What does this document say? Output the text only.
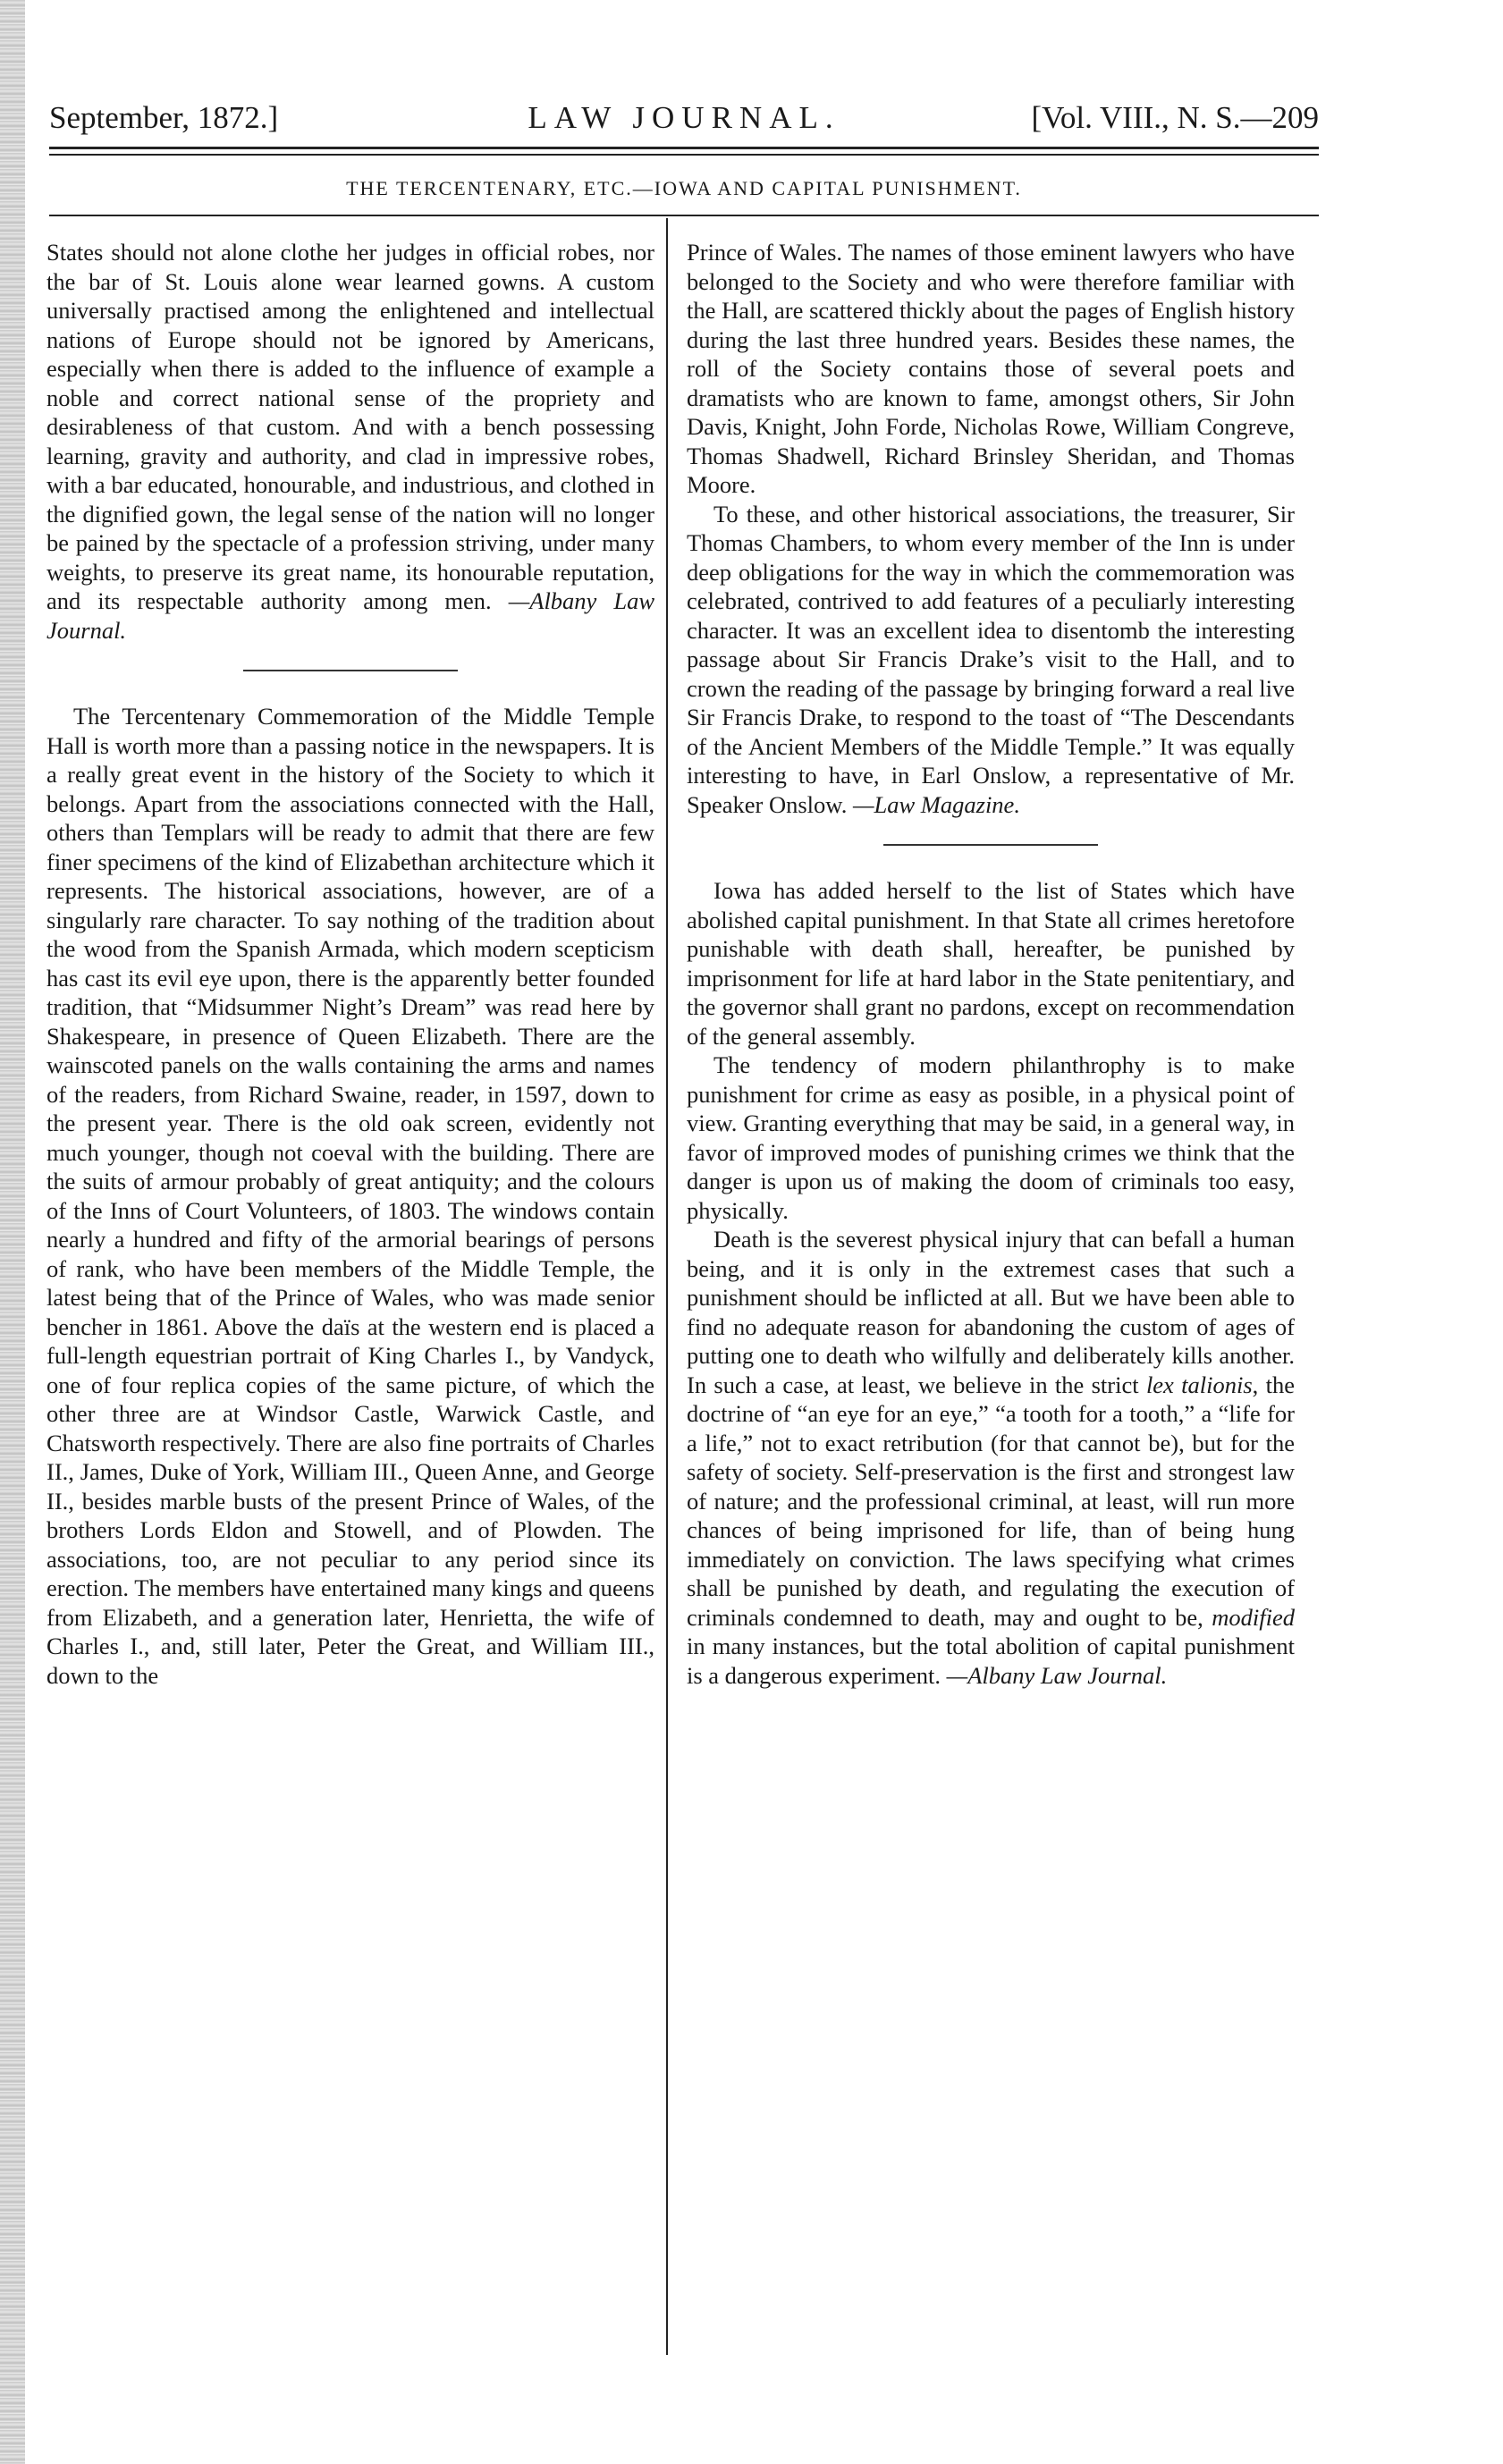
September, 1872.]	LAW JOURNAL.	[Vol. VIII., N. S.—209
THE TERCENTENARY, ETC.—IOWA AND CAPITAL PUNISHMENT.

States should not alone clothe her judges in official robes, nor the bar of St. Louis alone wear learned gowns. A custom universally practised among the enlightened and intellectual nations of Europe should not be ignored by Americans, especially when there is added to the influence of example a noble and correct national sense of the propriety and desirableness of that custom. And with a bench possessing learning, gravity and authority, and clad in impressive robes, with a bar educated, honourable, and industrious, and clothed in the dignified gown, the legal sense of the nation will no longer be pained by the spectacle of a profession striving, under many weights, to preserve its great name, its honourable reputation, and its respectable authority among men. —Albany Law Journal.

The Tercentenary Commemoration of the Middle Temple Hall is worth more than a passing notice in the newspapers. It is a really great event in the history of the Society to which it belongs. Apart from the associations connected with the Hall, others than Templars will be ready to admit that there are few finer specimens of the kind of Elizabethan architecture which it represents. The historical associations, however, are of a singularly rare character. To say nothing of the tradition about the wood from the Spanish Armada, which modern scepticism has cast its evil eye upon, there is the apparently better founded tradition, that “Midsummer Night’s Dream” was read here by Shakespeare, in presence of Queen Elizabeth. There are the wainscoted panels on the walls containing the arms and names of the readers, from Richard Swaine, reader, in 1597, down to the present year. There is the old oak screen, evidently not much younger, though not coeval with the building. There are the suits of armour probably of great antiquity; and the colours of the Inns of Court Volunteers, of 1803. The windows contain nearly a hundred and fifty of the armorial bearings of persons of rank, who have been members of the Middle Temple, the latest being that of the Prince of Wales, who was made senior bencher in 1861. Above the daïs at the western end is placed a full-length equestrian portrait of King Charles I., by Vandyck, one of four replica copies of the same picture, of which the other three are at Windsor Castle, Warwick Castle, and Chatsworth respectively. There are also fine portraits of Charles II., James, Duke of York, William III., Queen Anne, and George II., besides marble busts of the present Prince of Wales, of the brothers Lords Eldon and Stowell, and of Plowden. The associations, too, are not peculiar to any period since its erection. The members have entertained many kings and queens from Elizabeth, and a generation later, Henrietta, the wife of Charles I., and, still later, Peter the Great, and William III., down to the

Prince of Wales. The names of those eminent lawyers who have belonged to the Society and who were therefore familiar with the Hall, are scattered thickly about the pages of English history during the last three hundred years. Besides these names, the roll of the Society contains those of several poets and dramatists who are known to fame, amongst others, Sir John Davis, Knight, John Forde, Nicholas Rowe, William Congreve, Thomas Shadwell, Richard Brinsley Sheridan, and Thomas Moore.

To these, and other historical associations, the treasurer, Sir Thomas Chambers, to whom every member of the Inn is under deep obligations for the way in which the commemoration was celebrated, contrived to add features of a peculiarly interesting character. It was an excellent idea to disentomb the interesting passage about Sir Francis Drake’s visit to the Hall, and to crown the reading of the passage by bringing forward a real live Sir Francis Drake, to respond to the toast of “The Descendants of the Ancient Members of the Middle Temple.” It was equally interesting to have, in Earl Onslow, a representative of Mr. Speaker Onslow. —Law Magazine.

Iowa has added herself to the list of States which have abolished capital punishment. In that State all crimes heretofore punishable with death shall, hereafter, be punished by imprisonment for life at hard labor in the State penitentiary, and the governor shall grant no pardons, except on recommendation of the general assembly.

The tendency of modern philanthrophy is to make punishment for crime as easy as posible, in a physical point of view. Granting everything that may be said, in a general way, in favor of improved modes of punishing crimes we think that the danger is upon us of making the doom of criminals too easy, physically.

Death is the severest physical injury that can befall a human being, and it is only in the extremest cases that such a punishment should be inflicted at all. But we have been able to find no adequate reason for abandoning the custom of ages of putting one to death who wilfully and deliberately kills another. In such a case, at least, we believe in the strict lex talionis, the doctrine of “an eye for an eye,” “a tooth for a tooth,” a “life for a life,” not to exact retribution (for that cannot be), but for the safety of society. Self-preservation is the first and strongest law of nature; and the professional criminal, at least, will run more chances of being imprisoned for life, than of being hung immediately on conviction. The laws specifying what crimes shall be punished by death, and regulating the execution of criminals condemned to death, may and ought to be, modified in many instances, but the total abolition of capital punishment is a dangerous experiment. —Albany Law Journal.
